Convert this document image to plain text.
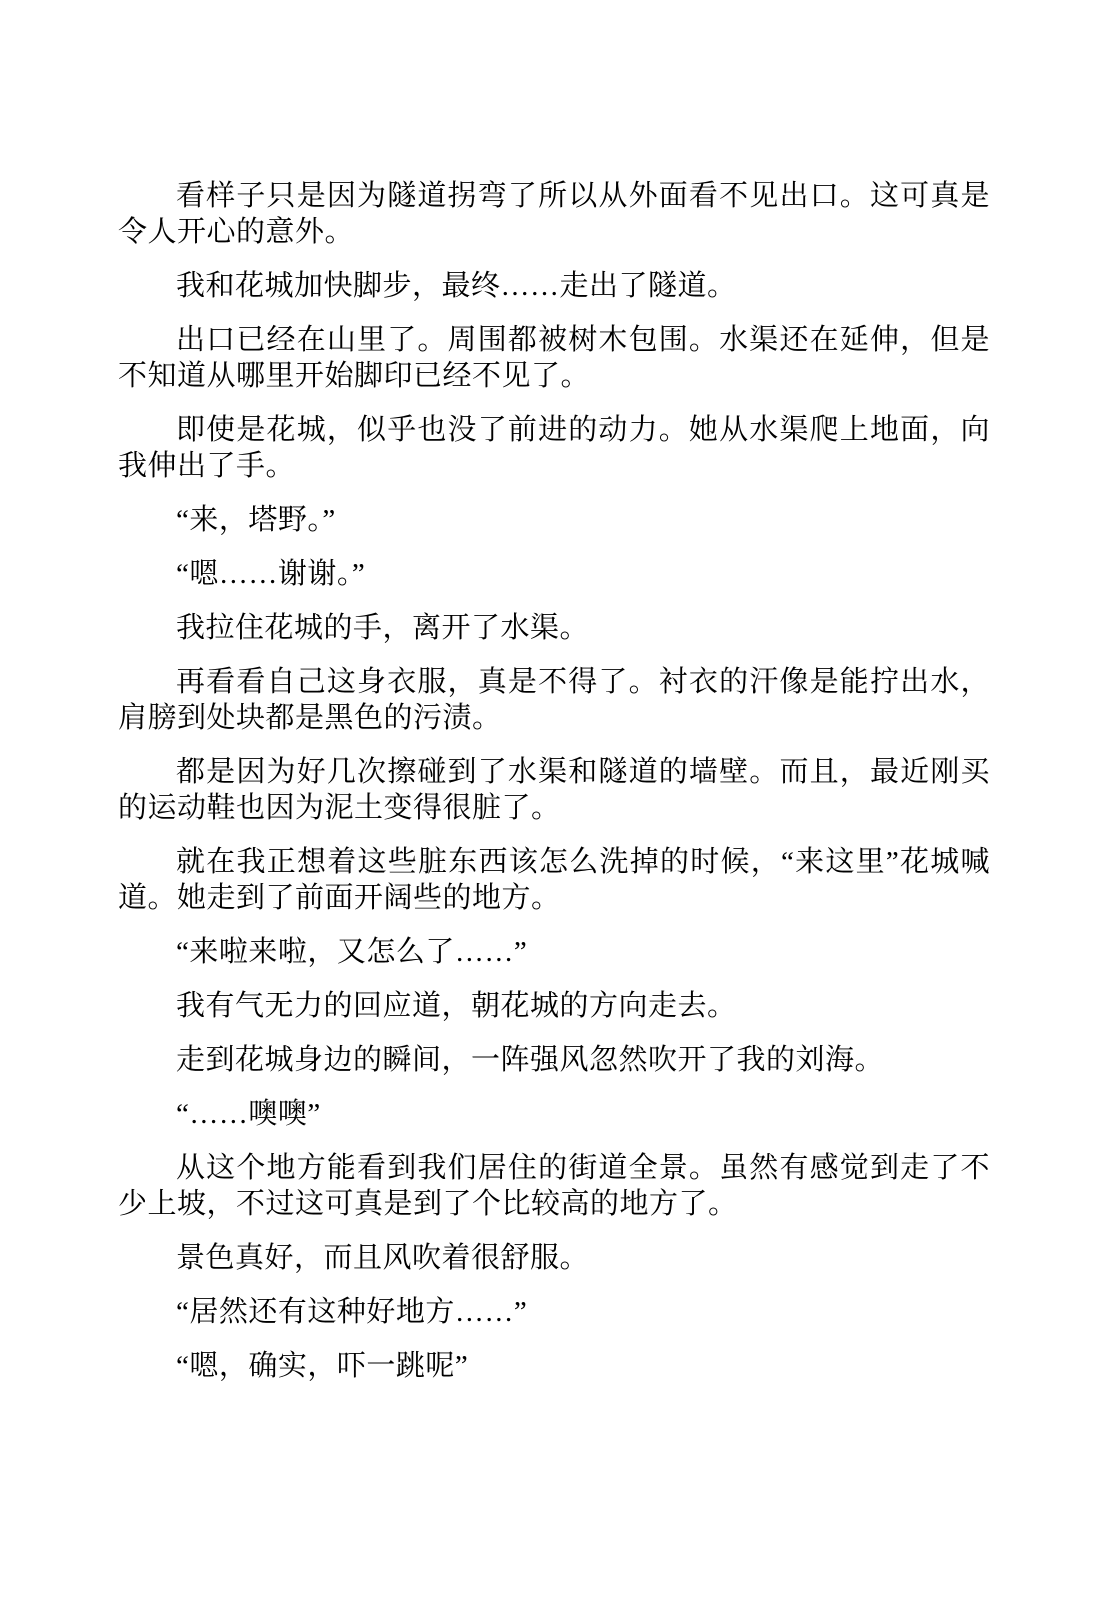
看样子只是因为隧道拐弯了所以从外面看不见出口。这可真是令人开心的意外。

我和花城加快脚步，最终……走出了隧道。

出口已经在山里了。周围都被树木包围。水渠还在延伸，但是不知道从哪里开始脚印已经不见了。

即使是花城，似乎也没了前进的动力。她从水渠爬上地面，向我伸出了手。

“来，塔野。”

“嗯……谢谢。”

我拉住花城的手，离开了水渠。

再看看自己这身衣服，真是不得了。衬衣的汗像是能拧出水，肩膀到处块都是黑色的污渍。

都是因为好几次擦碰到了水渠和隧道的墙壁。而且，最近刚买的运动鞋也因为泥土变得很脏了。

就在我正想着这些脏东西该怎么洗掉的时候，“来这里”花城喊道。她走到了前面开阔些的地方。

“来啦来啦，又怎么了……”

我有气无力的回应道，朝花城的方向走去。

走到花城身边的瞬间，一阵强风忽然吹开了我的刘海。

“……噢噢”

从这个地方能看到我们居住的街道全景。虽然有感觉到走了不少上坡，不过这可真是到了个比较高的地方了。

景色真好，而且风吹着很舒服。

“居然还有这种好地方……”

“嗯，确实，吓一跳呢”
